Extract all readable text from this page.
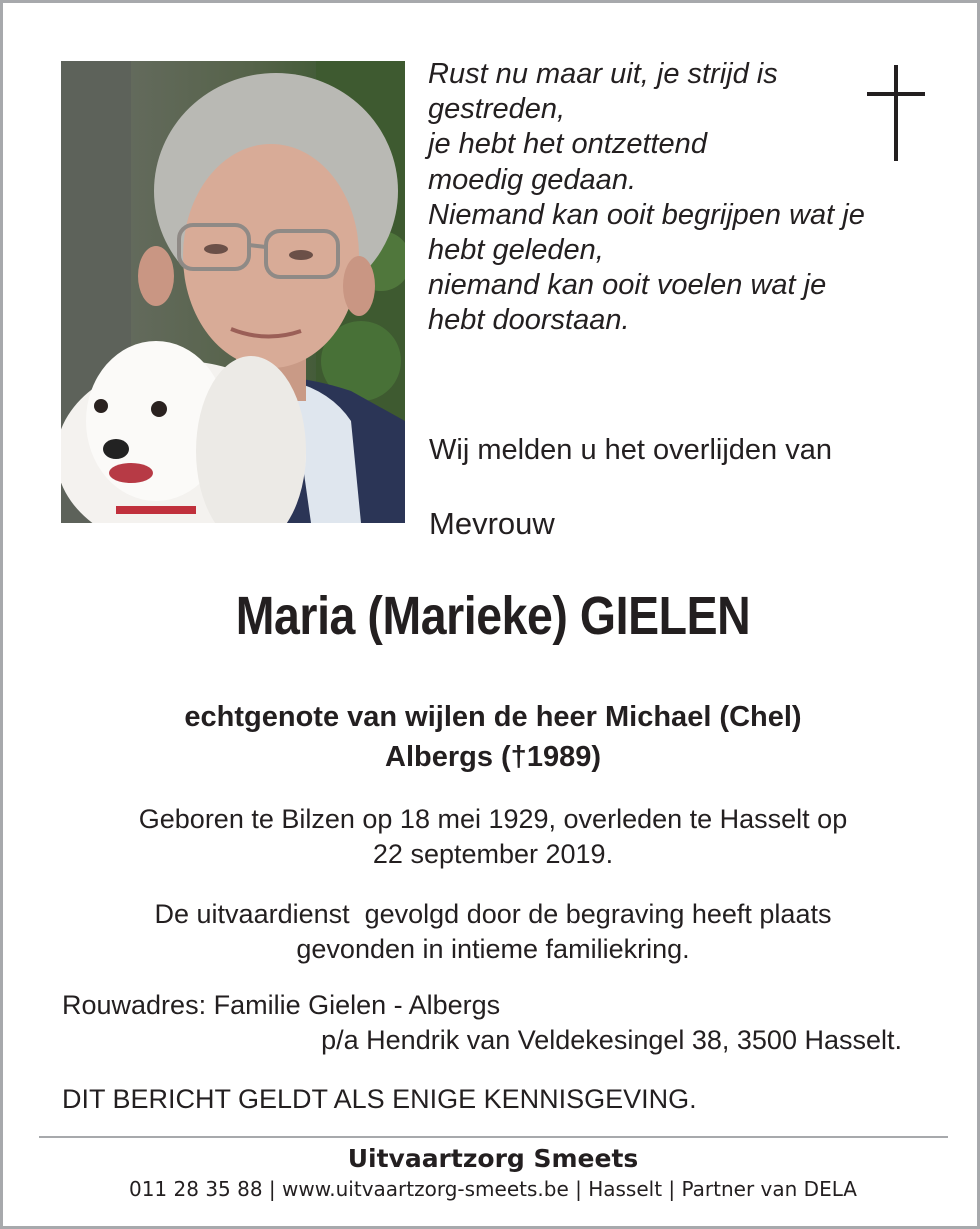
Rust nu maar uit, je strijd is
gestreden,
je hebt het ontzettend
moedig gedaan.
Niemand kan ooit begrijpen wat je
hebt geleden,
niemand kan ooit voelen wat je
hebt doorstaan.

Wij melden u het overlijden van
Mevrouw
Maria (Marieke) GIELEN
echtgenote van wijlen de heer Michael (Chel)
Albergs (†1989)
Geboren te Bilzen op 18 mei 1929, overleden te Hasselt op
22 september 2019.
De uitvaardienst  gevolgd door de begraving heeft plaats
gevonden in intieme familiekring.
Rouwadres: Familie Gielen - Albergs
p/a Hendrik van Veldekesingel 38, 3500 Hasselt.
DIT BERICHT GELDT ALS ENIGE KENNISGEVING.
Uitvaartzorg Smeets
011 28 35 88 | www.uitvaartzorg-smeets.be | Hasselt | Partner van DELA
